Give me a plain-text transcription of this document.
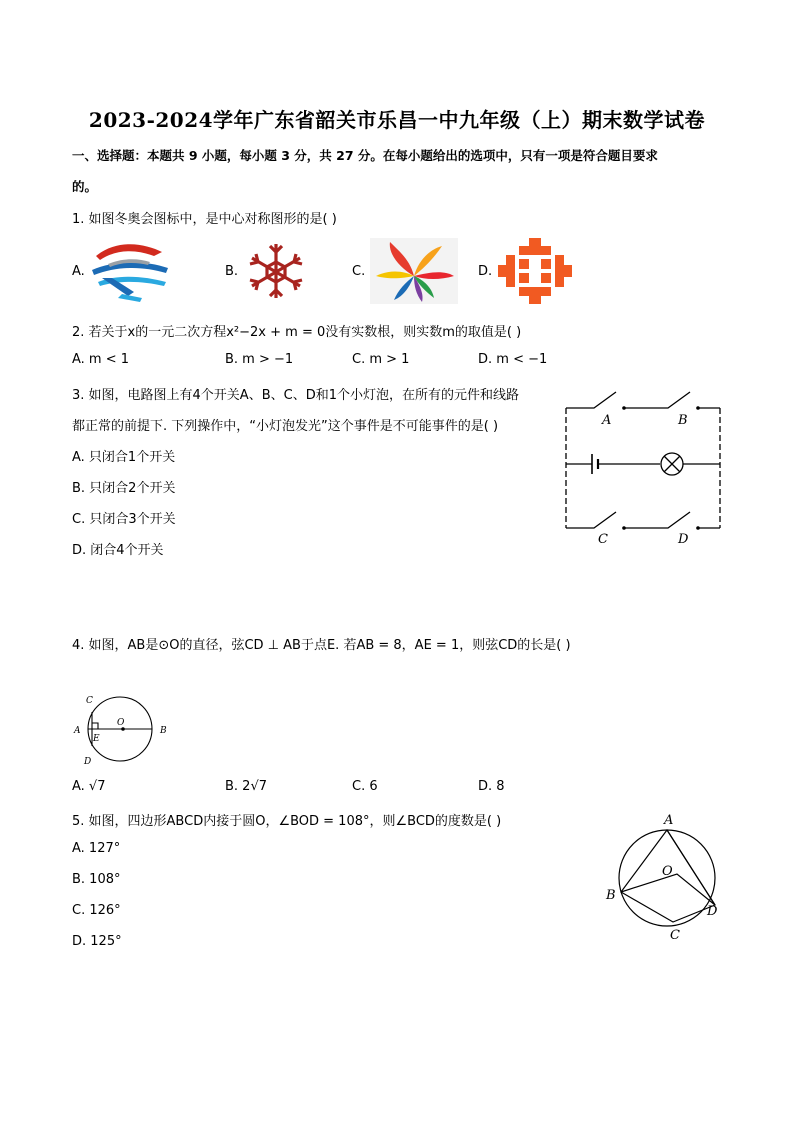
2023-2024学年广东省韶关市乐昌一中九年级（上）期末数学试卷
一、选择题：本题共 9 小题，每小题 3 分，共 27 分。在每小题给出的选项中，只有一项是符合题目要求
的。
1. 如图冬奥会图标中，是中心对称图形的是( )
A.	B.	C.	D.
2. 若关于x的一元二次方程x²−2x + m = 0没有实数根，则实数m的取值是( )
A. m < 1	B. m > −1	C. m > 1	D. m < −1
3. 如图，电路图上有4个开关A、B、C、D和1个小灯泡，在所有的元件和线路
都正常的前提下. 下列操作中，“小灯泡发光”这个事件是不可能事件的是( )
A. 只闭合1个开关
B. 只闭合2个开关
C. 只闭合3个开关
D. 闭合4个开关
A	B
C	D
4. 如图，AB是⊙O的直径，弦CD ⊥ AB于点E. 若AB = 8，AE = 1，则弦CD的长是( )
C
A
E
D
O
B
A. √7	B. 2√7	C. 6	D. 8
5. 如图，四边形ABCD内接于圆O，∠BOD = 108°，则∠BCD的度数是( )
A. 127°
B. 108°
C. 126°
D. 125°
A
O
B
D
C
